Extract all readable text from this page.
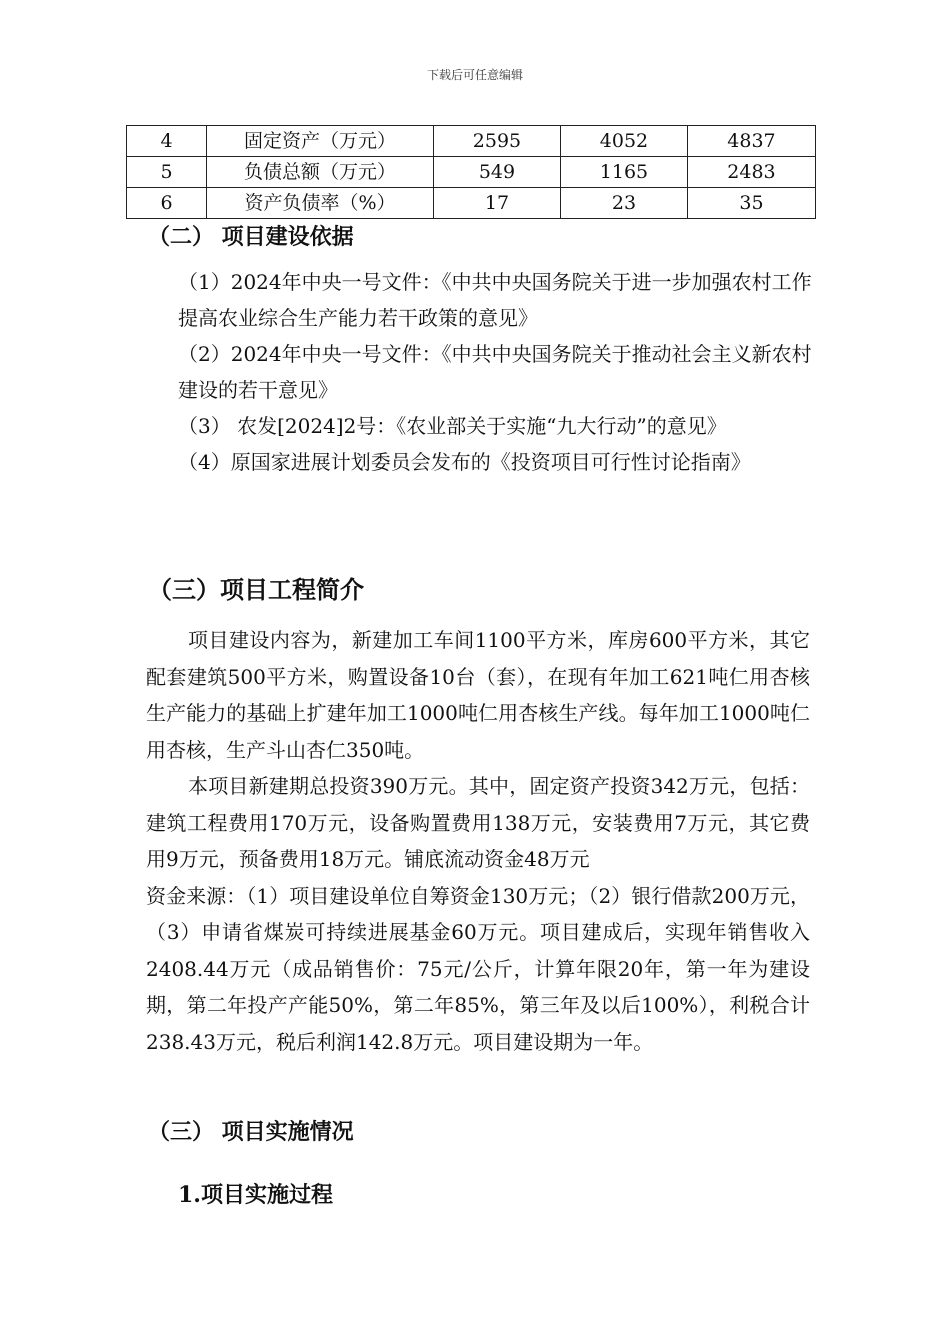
下载后可任意编辑
4	固定资产（万元）	2595	4052	4837
5	负债总额（万元）	549	1165	2483
6	资产负债率（%）	17	23	35
（二） 项目建设依据

（1）2024年中央一号文件：《中共中央国务院关于进一步加强农村工作提高农业综合生产能力若干政策的意见》

（2）2024年中央一号文件：《中共中央国务院关于推动社会主义新农村建设的若干意见》

（3） 农发[2024]2号：《农业部关于实施“九大行动”的意见》

（4）原国家进展计划委员会发布的《投资项目可行性讨论指南》

（三）项目工程简介

项目建设内容为，新建加工车间1100平方米，库房600平方米，其它配套建筑500平方米，购置设备10台（套），在现有年加工621吨仁用杏核生产能力的基础上扩建年加工1000吨仁用杏核生产线。每年加工1000吨仁用杏核，生产斗山杏仁350吨。

本项目新建期总投资390万元。其中，固定资产投资342万元，包括：建筑工程费用170万元，设备购置费用138万元，安装费用7万元，其它费用9万元，预备费用18万元。铺底流动资金48万元

资金来源：（1）项目建设单位自筹资金130万元；（2）银行借款200万元，（3）申请省煤炭可持续进展基金60万元。项目建成后，实现年销售收入2408.44万元（成品销售价：75元/公斤，计算年限20年，第一年为建设期，第二年投产产能50%，第二年85%，第三年及以后100%），利税合计238.43万元，税后利润142.8万元。项目建设期为一年。

（三） 项目实施情况
1.项目实施过程
